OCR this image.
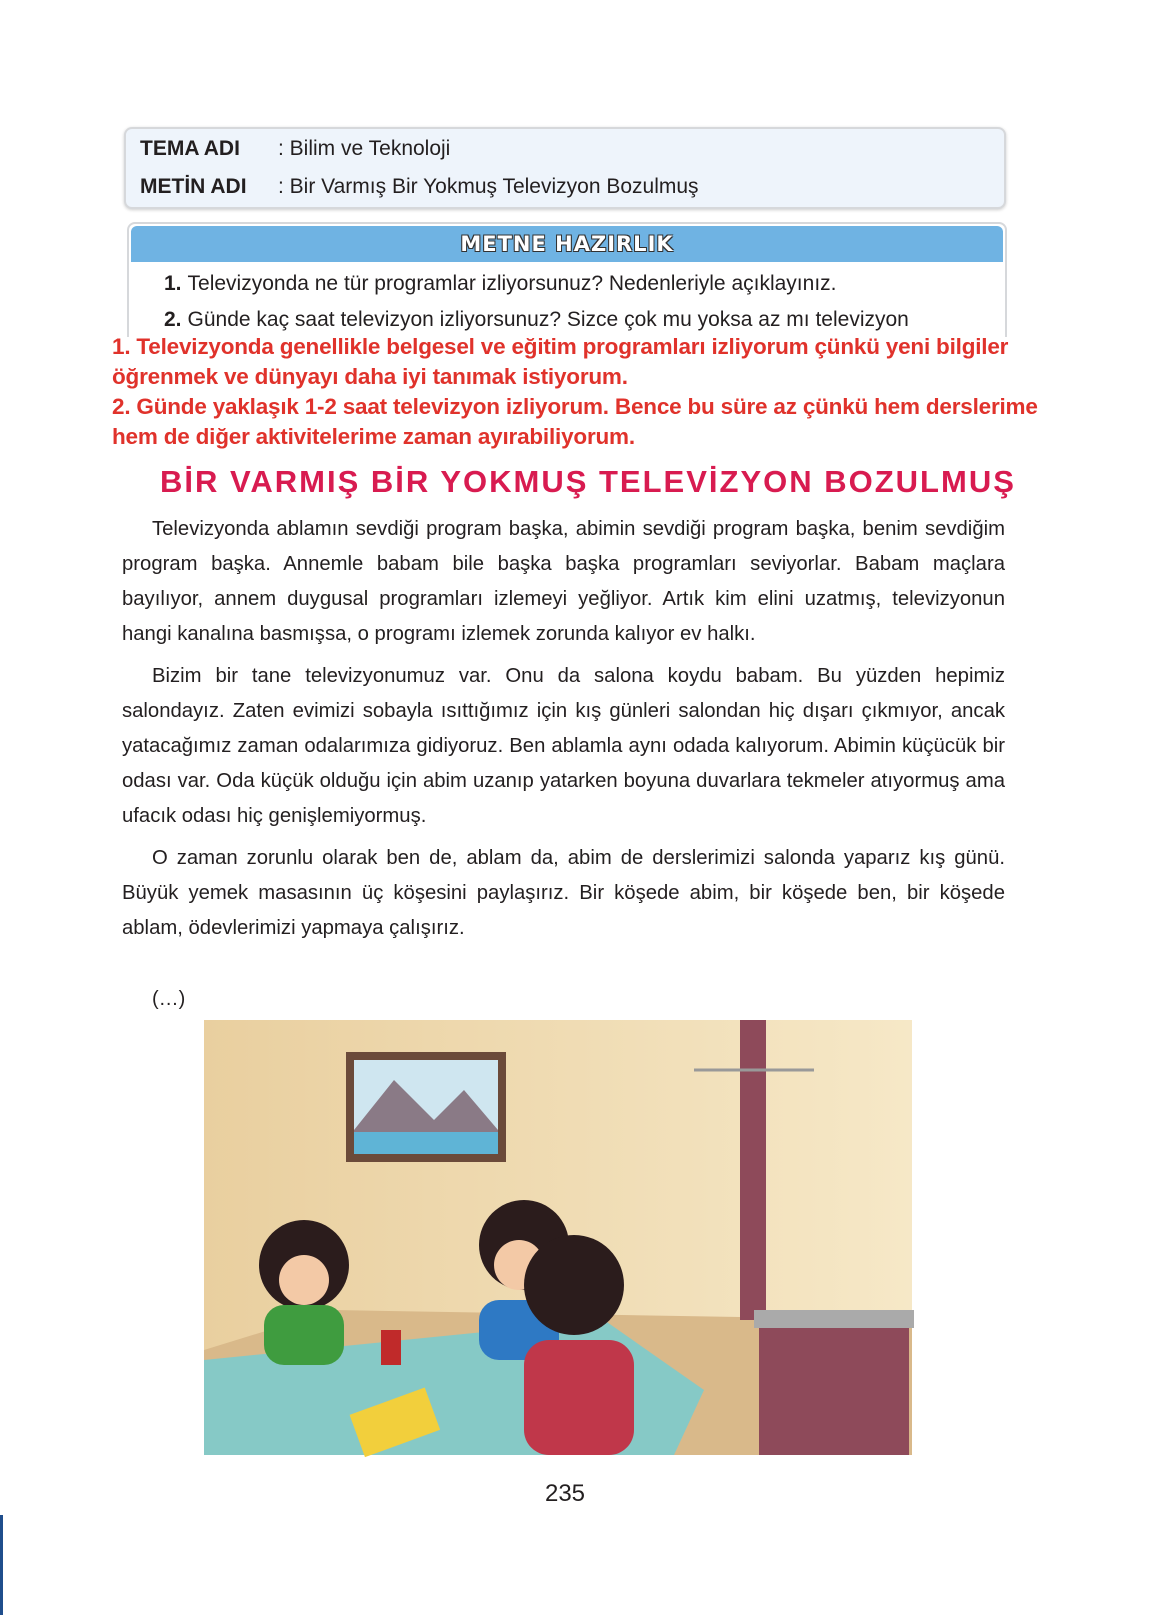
TEMA ADI : Bilim ve Teknoloji
METİN ADI : Bir Varmış Bir Yokmuş Televizyon Bozulmuş
METNE HAZIRLIK
1. Televizyonda ne tür programlar izliyorsunuz? Nedenleriyle açıklayınız.
2. Günde kaç saat televizyon izliyorsunuz? Sizce çok mu yoksa az mı televizyon
1. Televizyonda genellikle belgesel ve eğitim programları izliyorum çünkü yeni bilgiler
öğrenmek ve dünyayı daha iyi tanımak istiyorum.
2. Günde yaklaşık 1-2 saat televizyon izliyorum. Bence bu süre az çünkü hem derslerime
hem de diğer aktivitelerime zaman ayırabiliyorum.
BİR VARMIŞ BİR YOKMUŞ TELEVİZYON BOZULMUŞ

Televizyonda ablamın sevdiği program başka, abimin sevdiği program başka, benim sevdiğim program başka. Annemle babam bile başka başka programları seviyorlar. Babam maçlara bayılıyor, annem duygusal programları izlemeyi yeğliyor. Artık kim elini uzatmış, televizyonun hangi kanalına basmışsa, o programı izlemek zorunda kalıyor ev halkı.

Bizim bir tane televizyonumuz var. Onu da salona koydu babam. Bu yüzden hepimiz salondayız. Zaten evimizi sobayla ısıttığımız için kış günleri salondan hiç dışarı çıkmıyor, ancak yatacağımız zaman odalarımıza gidiyoruz. Ben ablamla aynı odada kalıyorum. Abimin küçücük bir odası var. Oda küçük olduğu için abim uzanıp yatarken boyuna duvarlara tekmeler atıyormuş ama ufacık odası hiç genişlemiyormuş.

O zaman zorunlu olarak ben de, ablam da, abim de derslerimizi salonda yaparız kış günü. Büyük yemek masasının üç köşesini paylaşırız. Bir köşede abim, bir köşede ben, bir köşede ablam, ödevlerimizi yapmaya çalışırız.

(…)
235
